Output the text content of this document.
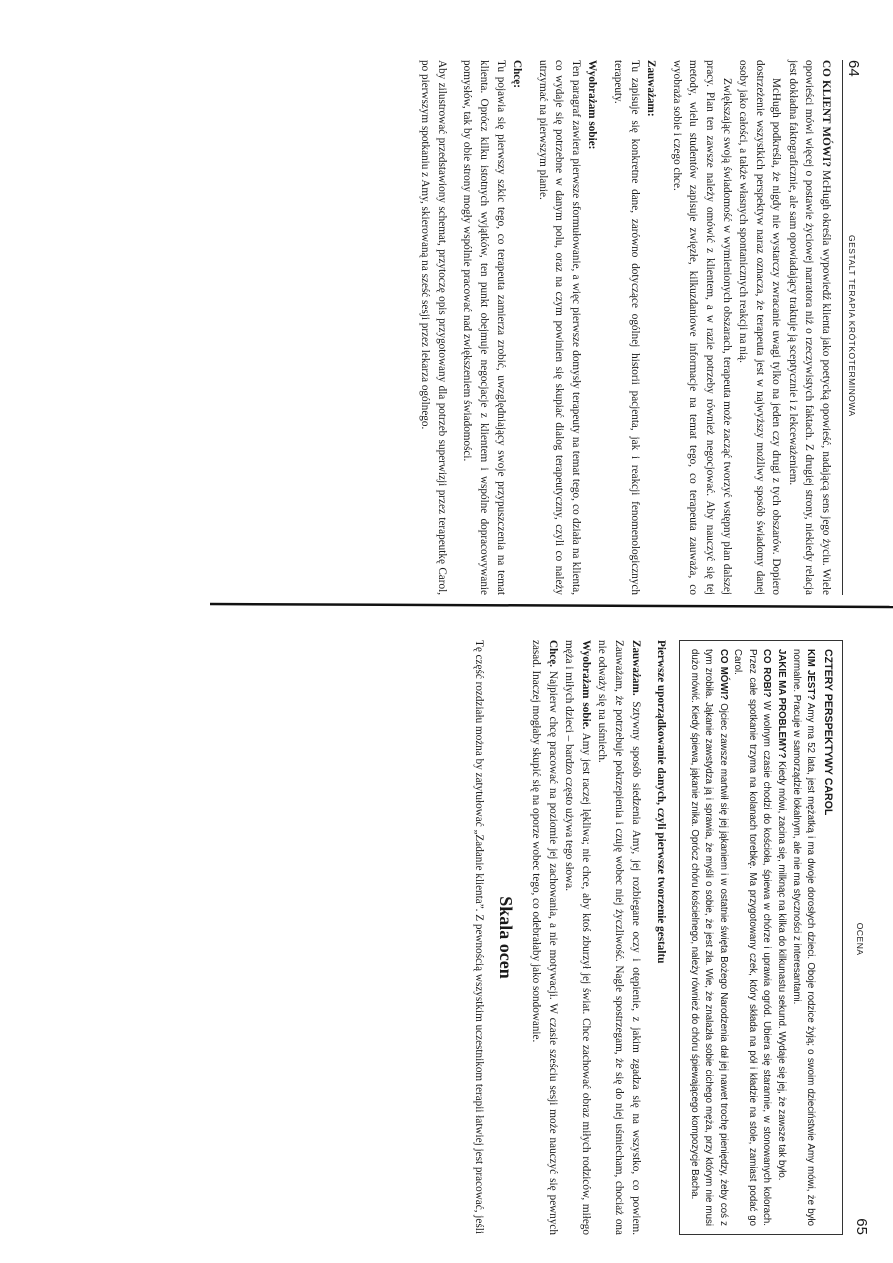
64
GESTALT TERAPIA KRÓTKOTERMINOWA

CO KLIENT MÓWI? McHugh określa wypowiedź klienta jako poetycką opowieść, nadającą sens jego życiu. Wiele opowieści mówi więcej o postawie życiowej narratora niż o rzeczywistych faktach. Z drugiej strony, niekiedy relacja jest dokładna faktograficznie, ale sam opowiadający traktuje ją sceptycznie i z lekceważeniem.

McHugh podkreśla, że nigdy nie wystarczy zwracanie uwagi tylko na jeden czy drugi z tych obszarów. Dopiero dostrzeżenie wszystkich perspektyw naraz oznacza, że terapeuta jest w najwyższy możliwy sposób świadomy danej osoby jako całości, a także własnych spontanicznych reakcji na nią.

Zwiększając swoją świadomość w wymienionych obszarach, terapeuta może zacząć tworzyć wstępny plan dalszej pracy. Plan ten zawsze należy omówić z klientem, a w razie potrzeby również negocjować. Aby nauczyć się tej metody, wielu studentów zapisuje zwięzłe, kilkuzdaniowe informacje na temat tego, co terapeuta zauważa, co wyobraża sobie i czego chce.

Zauważam:

Tu zapisuje się konkretne dane, zarówno dotyczące ogólnej historii pacjenta, jak i reakcji fenomenologicznych terapeuty.

Wyobrażam sobie:

Ten paragraf zawiera pierwsze sformułowanie, a więc pierwsze domysły terapeuty na temat tego, co działa na klienta, co wydaje się potrzebne w danym polu, oraz na czym powinien się skupiać dialog terapeutyczny, czyli co należy utrzymać na pierwszym planie.

Chcę:

Tu pojawia się pierwszy szkic tego, co terapeuta zamierza zrobić, uwzględniający swoje przypuszczenia na temat klienta. Oprócz kilku istotnych wyjątków, ten punkt obejmuje negocjacje z klientem i wspólne dopracowywanie pomysłów, tak by obie strony mogły wspólnie pracować nad zwiększeniem świadomości.

Aby zilustrować przedstawiony schemat, przytoczę opis przygotowany dla potrzeb superwizji przez terapeutkę Carol, po pierwszym spotkaniu z Amy, skierowaną na sześć sesji przez lekarza ogólnego.

65
OCENA

CZTERY PERSPEKTYWY CAROL

KIM JEST? Amy ma 52 lata, jest mężatką i ma dwoje dorosłych dzieci. Oboje rodzice żyją; o swoim dzieciństwie Amy mówi, że było normalne. Pracuje w samorządzie lokalnym, ale nie ma styczności z interesantami.

JAKIE MA PROBLEMY? Kiedy mówi, zacina się, milknąc na kilka do kilkunastu sekund. Wydaje się jej, że zawsze tak było.

CO ROBI? W wolnym czasie chodzi do kościoła, śpiewa w chórze i uprawia ogród. Ubiera się starannie, w stonowanych kolorach. Przez całe spotkanie trzyma na kolanach torebkę. Ma przygotowany czek, który składa na pół i kładzie na stole, zamiast podać go Carol.

CO MÓWI? Ojciec zawsze martwił się jej jąkaniem i w ostatnie święta Bożego Narodzenia dał jej nawet trochę pieniędzy, żeby coś z tym zrobiła. Jąkanie zawstydza ją i sprawia, że myśli o sobie, że jest zła. Wie, że znalazła sobie cichego męża, przy którym nie musi dużo mówić. Kiedy śpiewa, jąkanie znika. Oprócz chóru kościelnego, należy również do chóru śpiewającego kompozycje Bacha.

Pierwsze uporządkowanie danych, czyli pierwsze tworzenie gestaltu

Zauważam. Sztywny sposób siedzenia Amy, jej rozbiegane oczy i otępienie, z jakim zgadza się na wszystko, co powiem. Zauważam, że potrzebuje pokrzepienia i czuję wobec niej życzliwość. Nagle spostrzegam, że się do niej uśmiecham, chociaż ona nie odważy się na uśmiech.

Wyobrażam sobie. Amy jest raczej lękliwa; nie chce, aby ktoś zburzył jej świat. Chce zachować obraz miłych rodziców, miłego męża i miłych dzieci – bardzo często używa tego słowa.

Chcę. Najpierw chcę pracować na poziomie jej zachowania, a nie motywacji. W czasie sześciu sesji może nauczyć się pewnych zasad. Inaczej mogłaby skupić się na oporze wobec tego, co odebrałaby jako sondowanie.

Skala ocen

Tę część rozdziału można by zatytułować „Zadanie klienta”. Z pewnością wszystkim uczestnikom terapii łatwiej jest pracować, jeśli
